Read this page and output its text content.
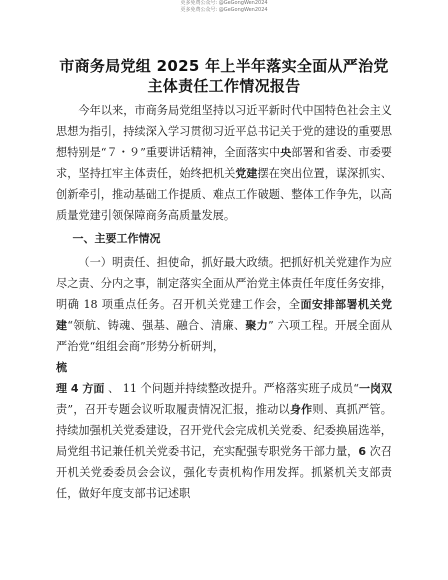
更多免费公众号: @GeGongWen2024
更多免费公众号: @GeGongWen2024
市商务局党组 2025 年上半年落实全面从严治党
主体责任工作情况报告

今年以来，市商务局党组坚持以习近平新时代中国特色社会主义思想为指引，持续深入学习贯彻习近平总书记关于党的建设的重要思想特别是“７・９”重要讲话精神，全面落实中央部署和省委、市委要求，坚持扛牢主体责任，始终把机关党建摆在突出位置，谋深抓实、创新牵引，推动基础工作提质、难点工作破题、整体工作争先，以高质量党建引领保障商务高质量发展。

一、主要工作情况

（一）明责任、担使命，抓好最大政绩。把抓好机关党建作为应尽之责、分内之事，制定落实全面从严治党主体责任年度任务安排，明确 18 项重点任务。召开机关党建工作会，全面安排部署机关党建“领航、铸魂、强基、融合、清廉、聚力” 六项工程。开展全面从严治党“组组会商”形势分析研判，

梳

理 4 方面 、 11 个问题并持续整改提升。严格落实班子成员“一岗双责”，召开专题会议听取履责情况汇报，推动以身作则、真抓严管。持续加强机关党委建设，召开党代会完成机关党委、纪委换届选举，局党组书记兼任机关党委书记，充实配强专职党务干部力量，6 次召开机关党委委员会会议，强化专责机构作用发挥。抓紧机关支部责任，做好年度支部书记述职
